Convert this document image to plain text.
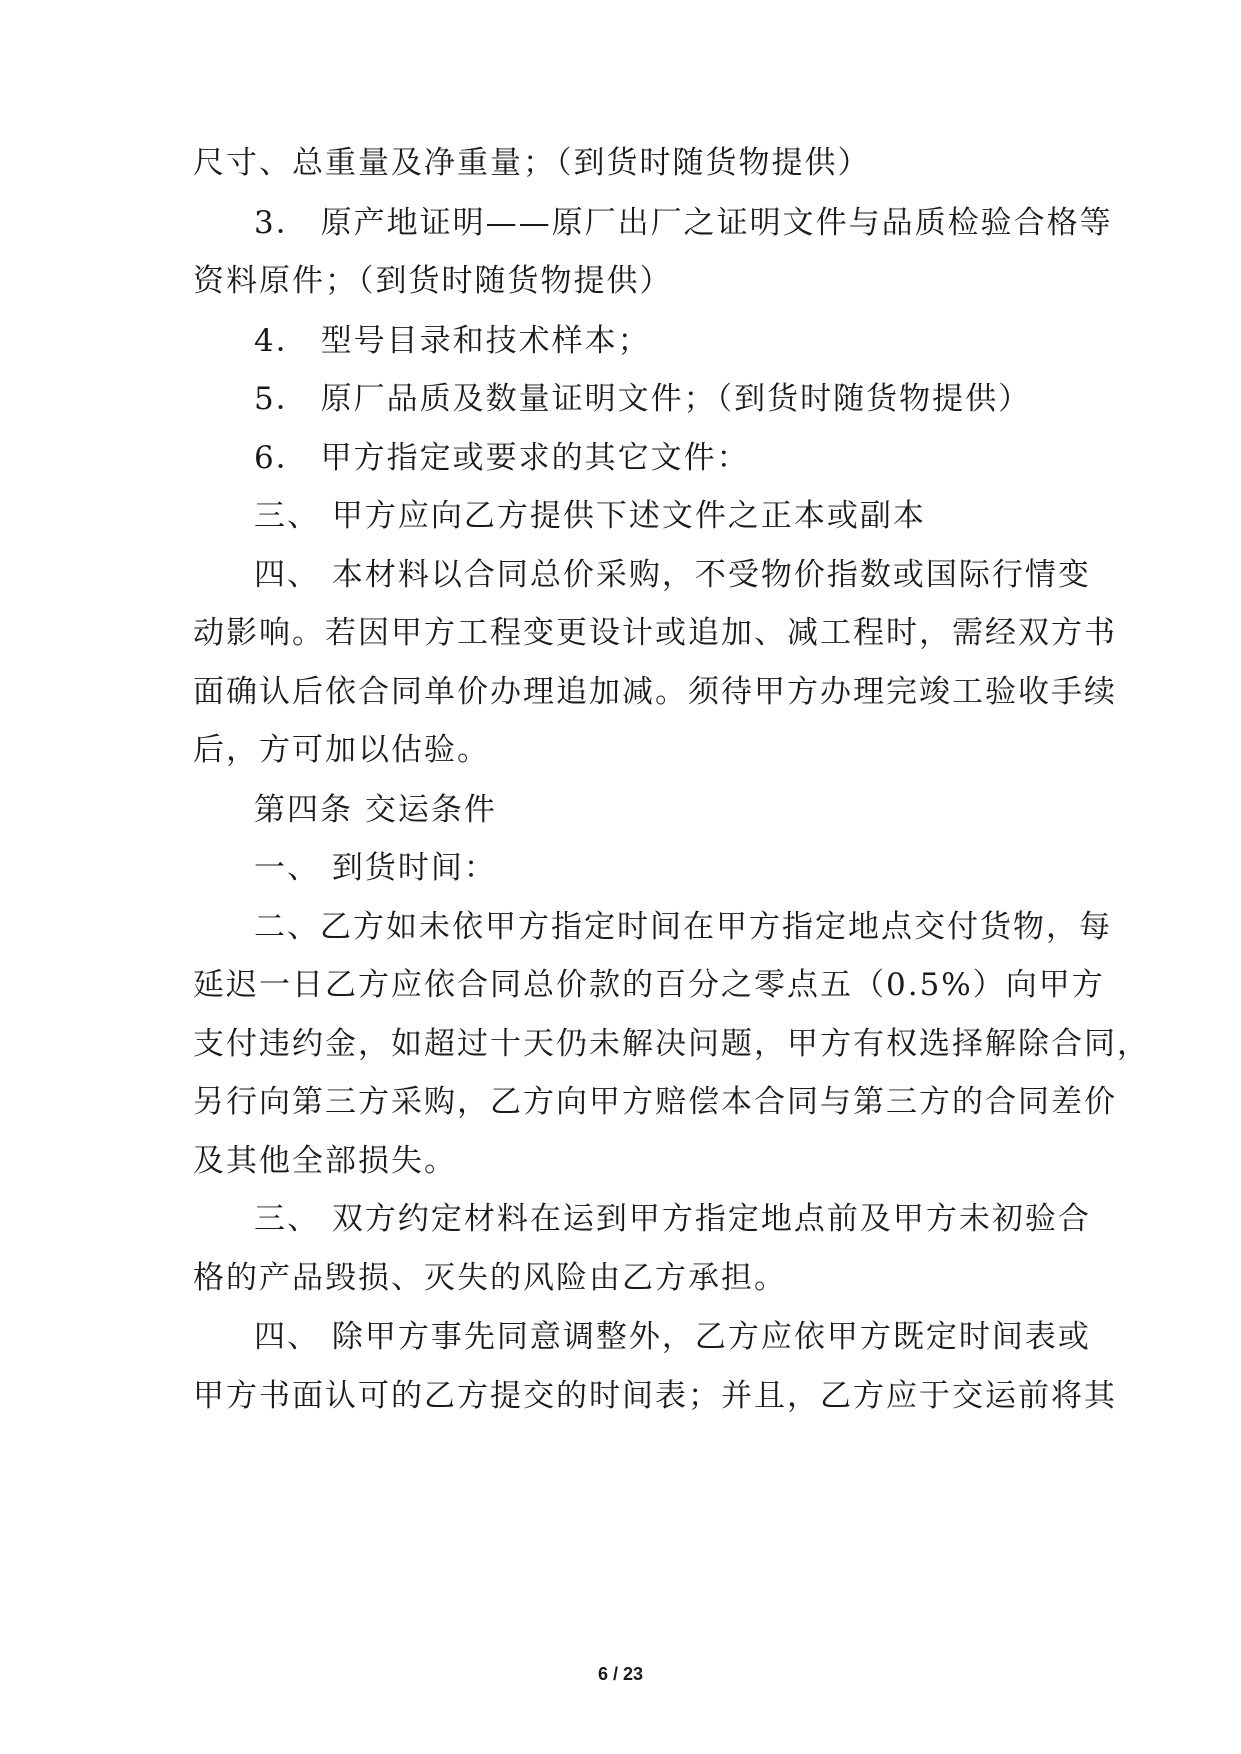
尺寸、总重量及净重量；（到货时随货物提供）
3． 原产地证明——原厂出厂之证明文件与品质检验合格等
资料原件；（到货时随货物提供）
4． 型号目录和技术样本；
5． 原厂品质及数量证明文件；（到货时随货物提供）
6． 甲方指定或要求的其它文件：
三、 甲方应向乙方提供下述文件之正本或副本
四、 本材料以合同总价采购，不受物价指数或国际行情变
动影响。若因甲方工程变更设计或追加、减工程时，需经双方书
面确认后依合同单价办理追加减。须待甲方办理完竣工验收手续
后，方可加以估验。
第四条 交运条件
一、 到货时间：
二、乙方如未依甲方指定时间在甲方指定地点交付货物，每
延迟一日乙方应依合同总价款的百分之零点五（0.5%）向甲方
支付违约金，如超过十天仍未解决问题，甲方有权选择解除合同，
另行向第三方采购，乙方向甲方赔偿本合同与第三方的合同差价
及其他全部损失。
三、 双方约定材料在运到甲方指定地点前及甲方未初验合
格的产品毁损、灭失的风险由乙方承担。
四、 除甲方事先同意调整外，乙方应依甲方既定时间表或
甲方书面认可的乙方提交的时间表；并且，乙方应于交运前将其
6 / 23
